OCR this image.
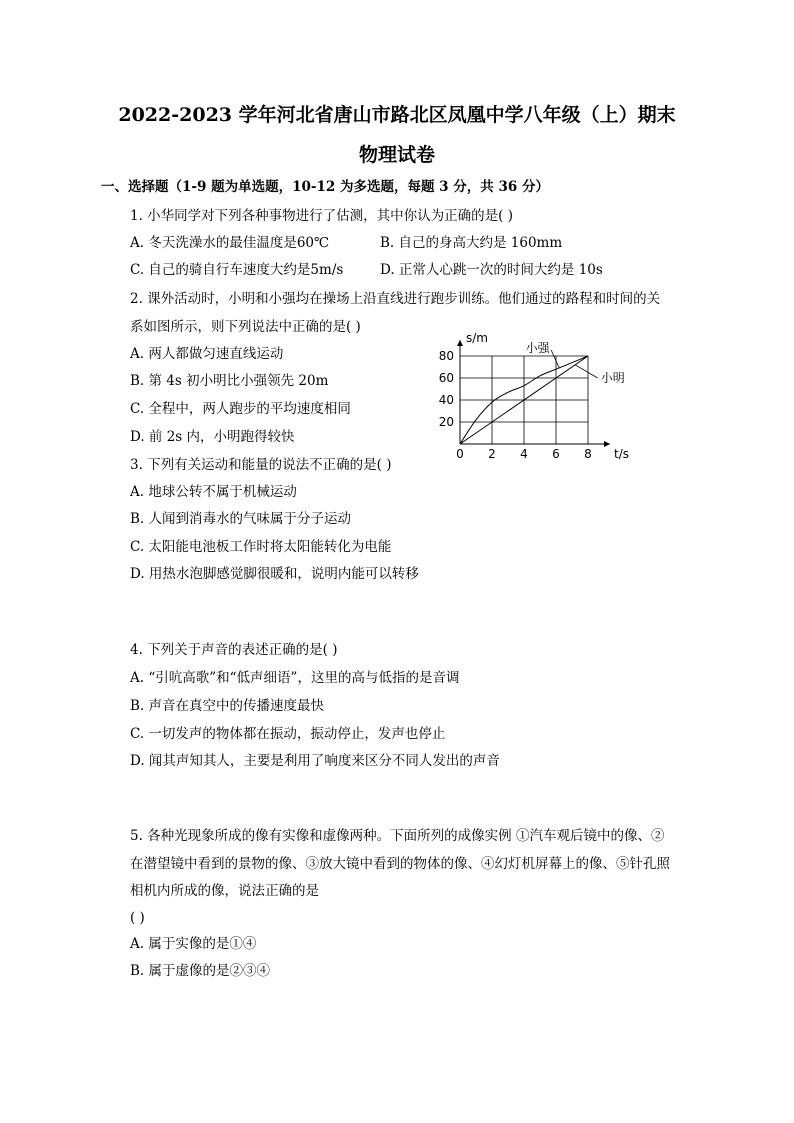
2022-2023 学年河北省唐山市路北区凤凰中学八年级（上）期末
物理试卷
一、选择题（1-9 题为单选题，10-12 为多选题，每题 3 分，共 36 分）
1. 小华同学对下列各种事物进行了估测，其中你认为正确的是( )
A. 冬天洗澡水的最佳温度是60℃	B. 自己的身高大约是 160mm
C. 自己的骑自行车速度大约是5m/s	D. 正常人心跳一次的时间大约是 10s
2. 课外活动时，小明和小强均在操场上沿直线进行跑步训练。他们通过的路程和时间的关
系如图所示，则下列说法中正确的是( )
A. 两人都做匀速直线运动
B. 第 4s 初小明比小强领先 20m
C. 全程中，两人跑步的平均速度相同
D. 前 2s 内，小明跑得较快
0 2 4 6 8
20
40
60
80
t/s
s/m
小强
小明
3. 下列有关运动和能量的说法不正确的是( )
A. 地球公转不属于机械运动
B. 人闻到消毒水的气味属于分子运动
C. 太阳能电池板工作时将太阳能转化为电能
D. 用热水泡脚感觉脚很暖和，说明内能可以转移
4. 下列关于声音的表述正确的是( )
A. “引吭高歌”和“低声细语”，这里的高与低指的是音调
B. 声音在真空中的传播速度最快
C. 一切发声的物体都在振动，振动停止，发声也停止
D. 闻其声知其人，主要是利用了响度来区分不同人发出的声音
5. 各种光现象所成的像有实像和虚像两种。下面所列的成像实例 ①汽车观后镜中的像、②
在潜望镜中看到的景物的像、③放大镜中看到的物体的像、④幻灯机屏幕上的像、⑤针孔照
相机内所成的像，说法正确的是
( )
A. 属于实像的是①④
B. 属于虚像的是②③④
